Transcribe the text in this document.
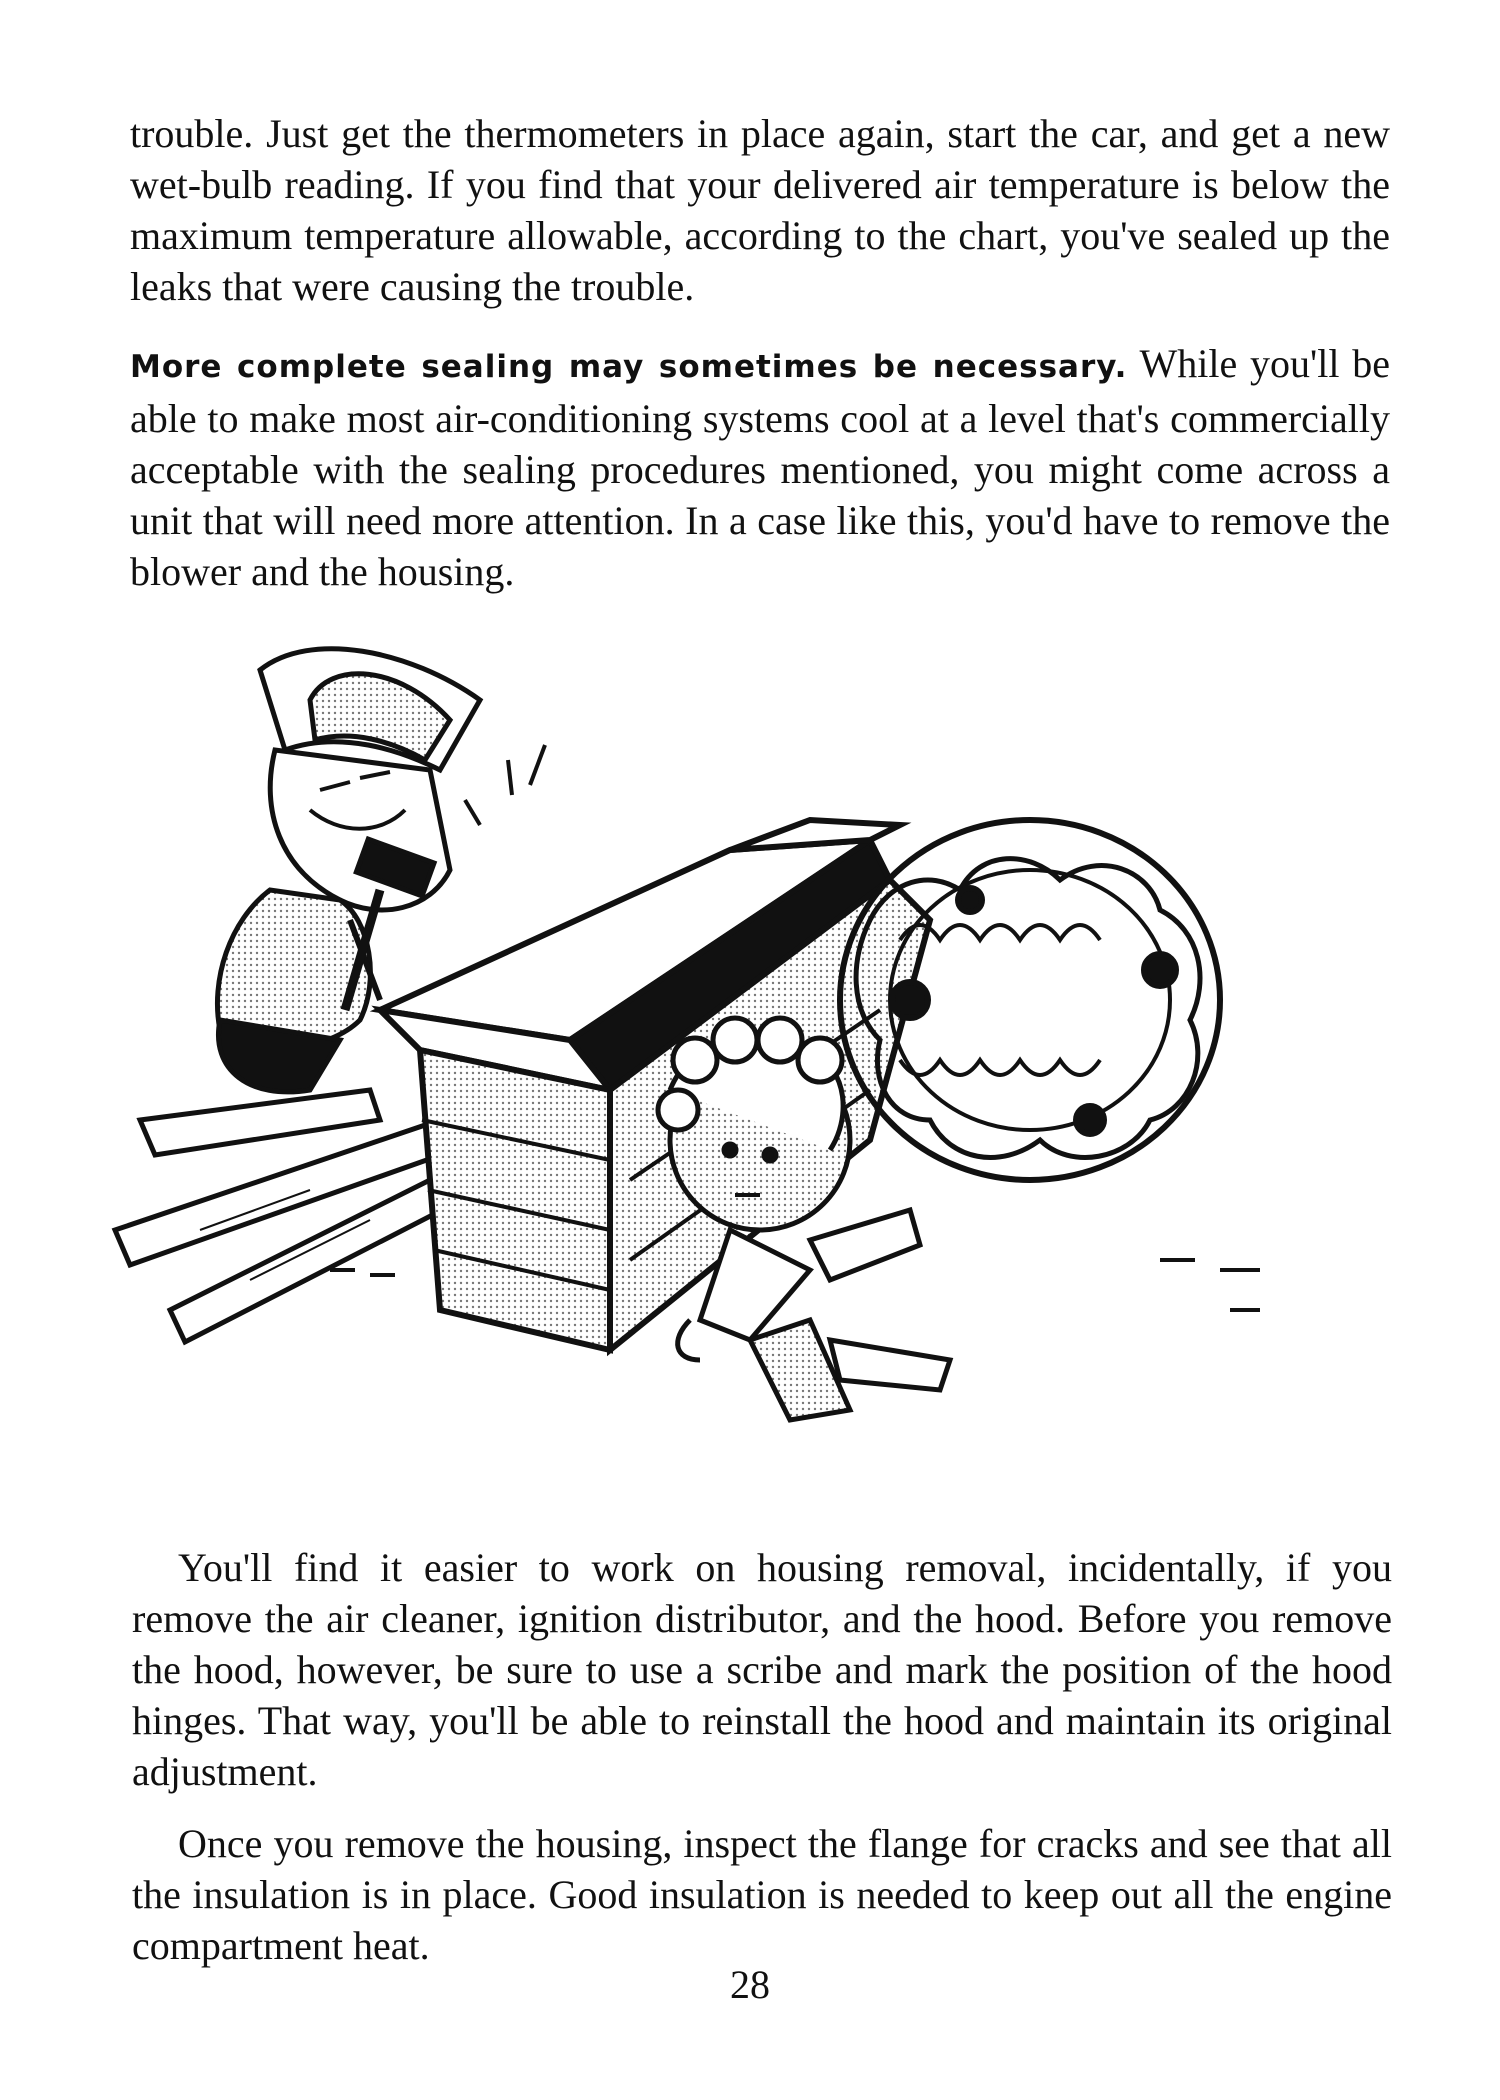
trouble. Just get the thermometers in place again, start the car, and get a new wet-bulb reading. If you find that your delivered air temperature is below the maximum temperature allowable, according to the chart, you've sealed up the leaks that were causing the trouble.

More complete sealing may sometimes be necessary. While you'll be able to make most air-conditioning systems cool at a level that's commercially acceptable with the sealing procedures mentioned, you might come across a unit that will need more attention. In a case like this, you'd have to remove the blower and the housing.

You'll find it easier to work on housing removal, incidentally, if you remove the air cleaner, ignition distributor, and the hood. Before you remove the hood, however, be sure to use a scribe and mark the position of the hood hinges. That way, you'll be able to reinstall the hood and maintain its original adjustment.

Once you remove the housing, inspect the flange for cracks and see that all the insulation is in place. Good insulation is needed to keep out all the engine compartment heat.

28
